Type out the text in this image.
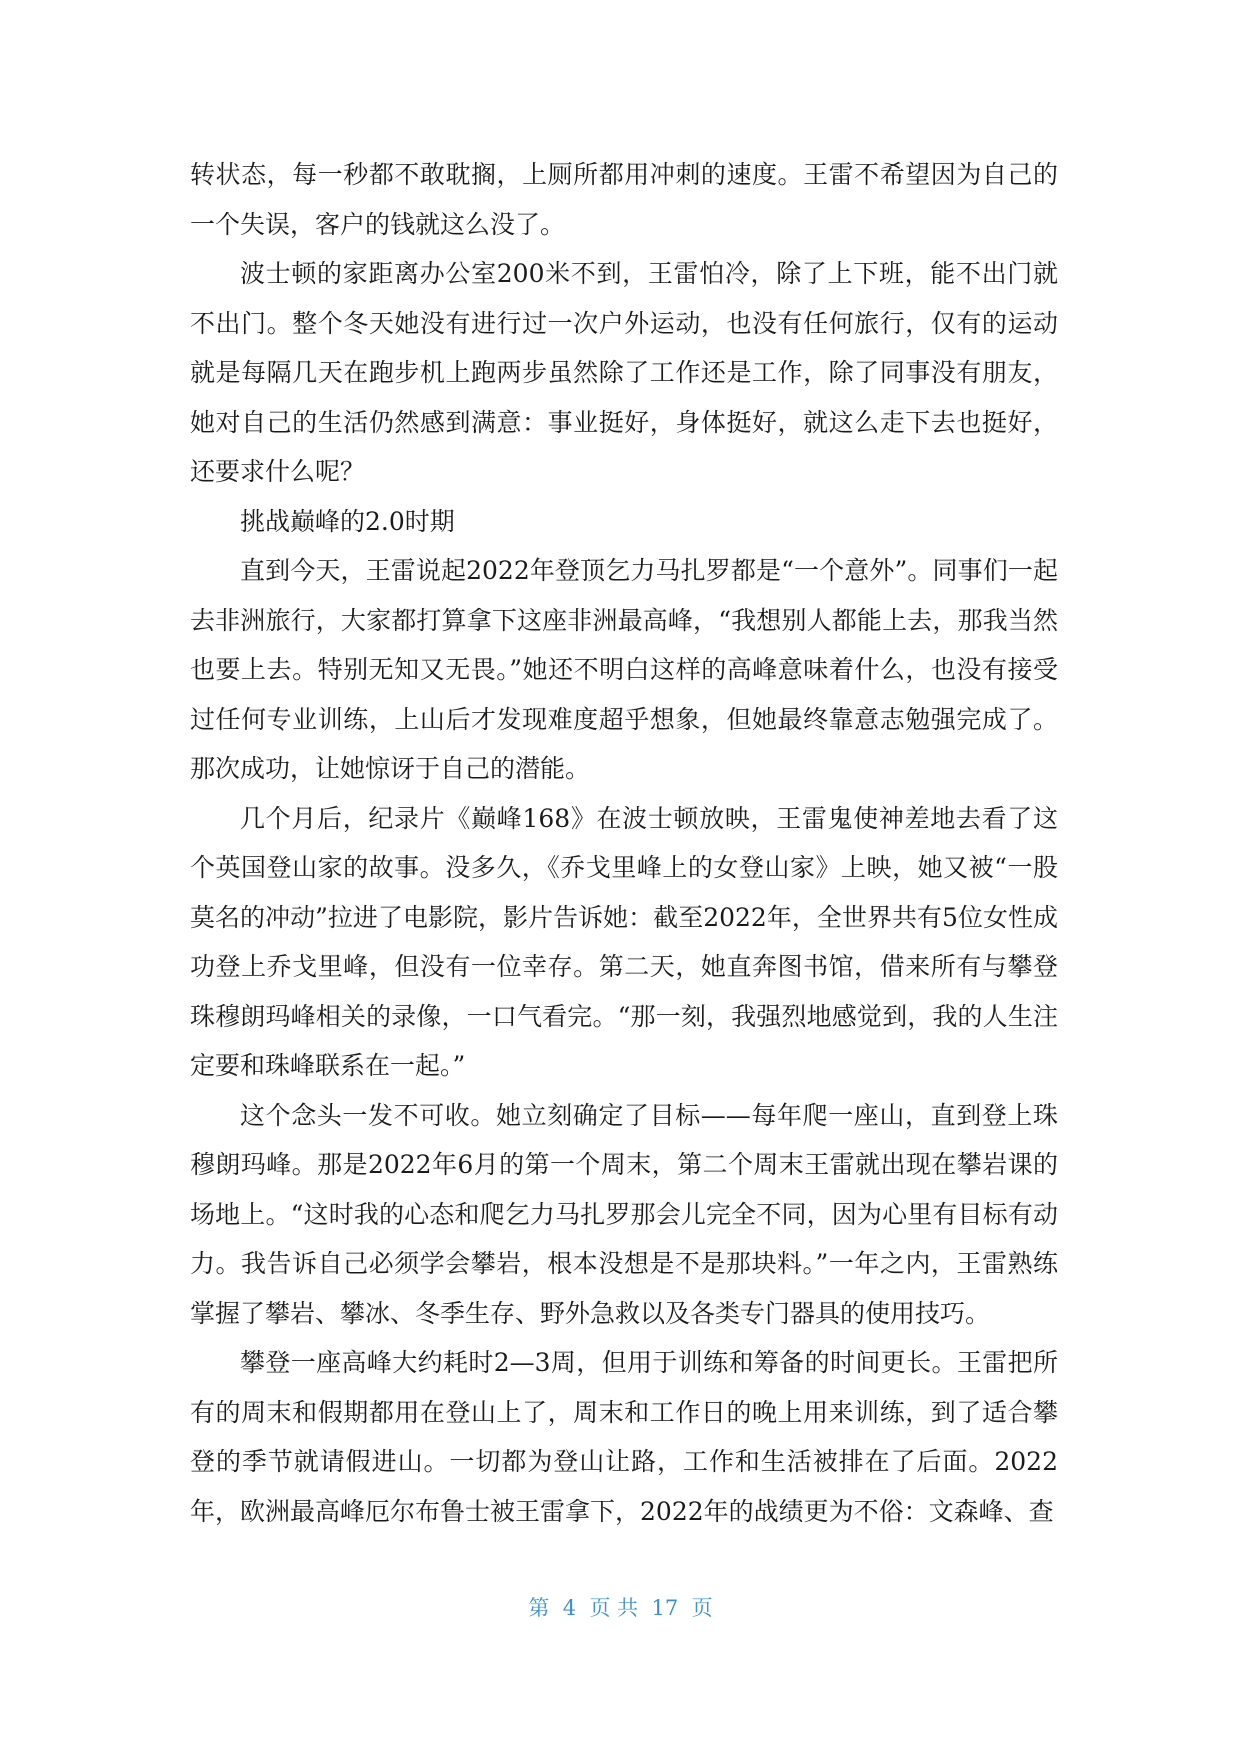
转状态，每一秒都不敢耽搁，上厕所都用冲刺的速度。王雷不希望因为自己的一个失误，客户的钱就这么没了。

波士顿的家距离办公室200米不到，王雷怕冷，除了上下班，能不出门就不出门。整个冬天她没有进行过一次户外运动，也没有任何旅行，仅有的运动就是每隔几天在跑步机上跑两步虽然除了工作还是工作，除了同事没有朋友，她对自己的生活仍然感到满意：事业挺好，身体挺好，就这么走下去也挺好，还要求什么呢？

挑战巅峰的2.0时期

直到今天，王雷说起2022年登顶乞力马扎罗都是“一个意外”。同事们一起去非洲旅行，大家都打算拿下这座非洲最高峰，“我想别人都能上去，那我当然也要上去。特别无知又无畏。”她还不明白这样的高峰意味着什么，也没有接受过任何专业训练，上山后才发现难度超乎想象，但她最终靠意志勉强完成了。那次成功，让她惊讶于自己的潜能。

几个月后，纪录片《巅峰168》在波士顿放映，王雷鬼使神差地去看了这个英国登山家的故事。没多久，《乔戈里峰上的女登山家》上映，她又被“一股莫名的冲动”拉进了电影院，影片告诉她：截至2022年，全世界共有5位女性成功登上乔戈里峰，但没有一位幸存。第二天，她直奔图书馆，借来所有与攀登珠穆朗玛峰相关的录像，一口气看完。“那一刻，我强烈地感觉到，我的人生注定要和珠峰联系在一起。”

这个念头一发不可收。她立刻确定了目标——每年爬一座山，直到登上珠穆朗玛峰。那是2022年6月的第一个周末，第二个周末王雷就出现在攀岩课的场地上。“这时我的心态和爬乞力马扎罗那会儿完全不同，因为心里有目标有动力。我告诉自己必须学会攀岩，根本没想是不是那块料。”一年之内，王雷熟练掌握了攀岩、攀冰、冬季生存、野外急救以及各类专门器具的使用技巧。

攀登一座高峰大约耗时2—3周，但用于训练和筹备的时间更长。王雷把所有的周末和假期都用在登山上了，周末和工作日的晚上用来训练，到了适合攀登的季节就请假进山。一切都为登山让路，工作和生活被排在了后面。2022年，欧洲最高峰厄尔布鲁士被王雷拿下，2022年的战绩更为不俗：文森峰、查

第  4  页 共  17  页
